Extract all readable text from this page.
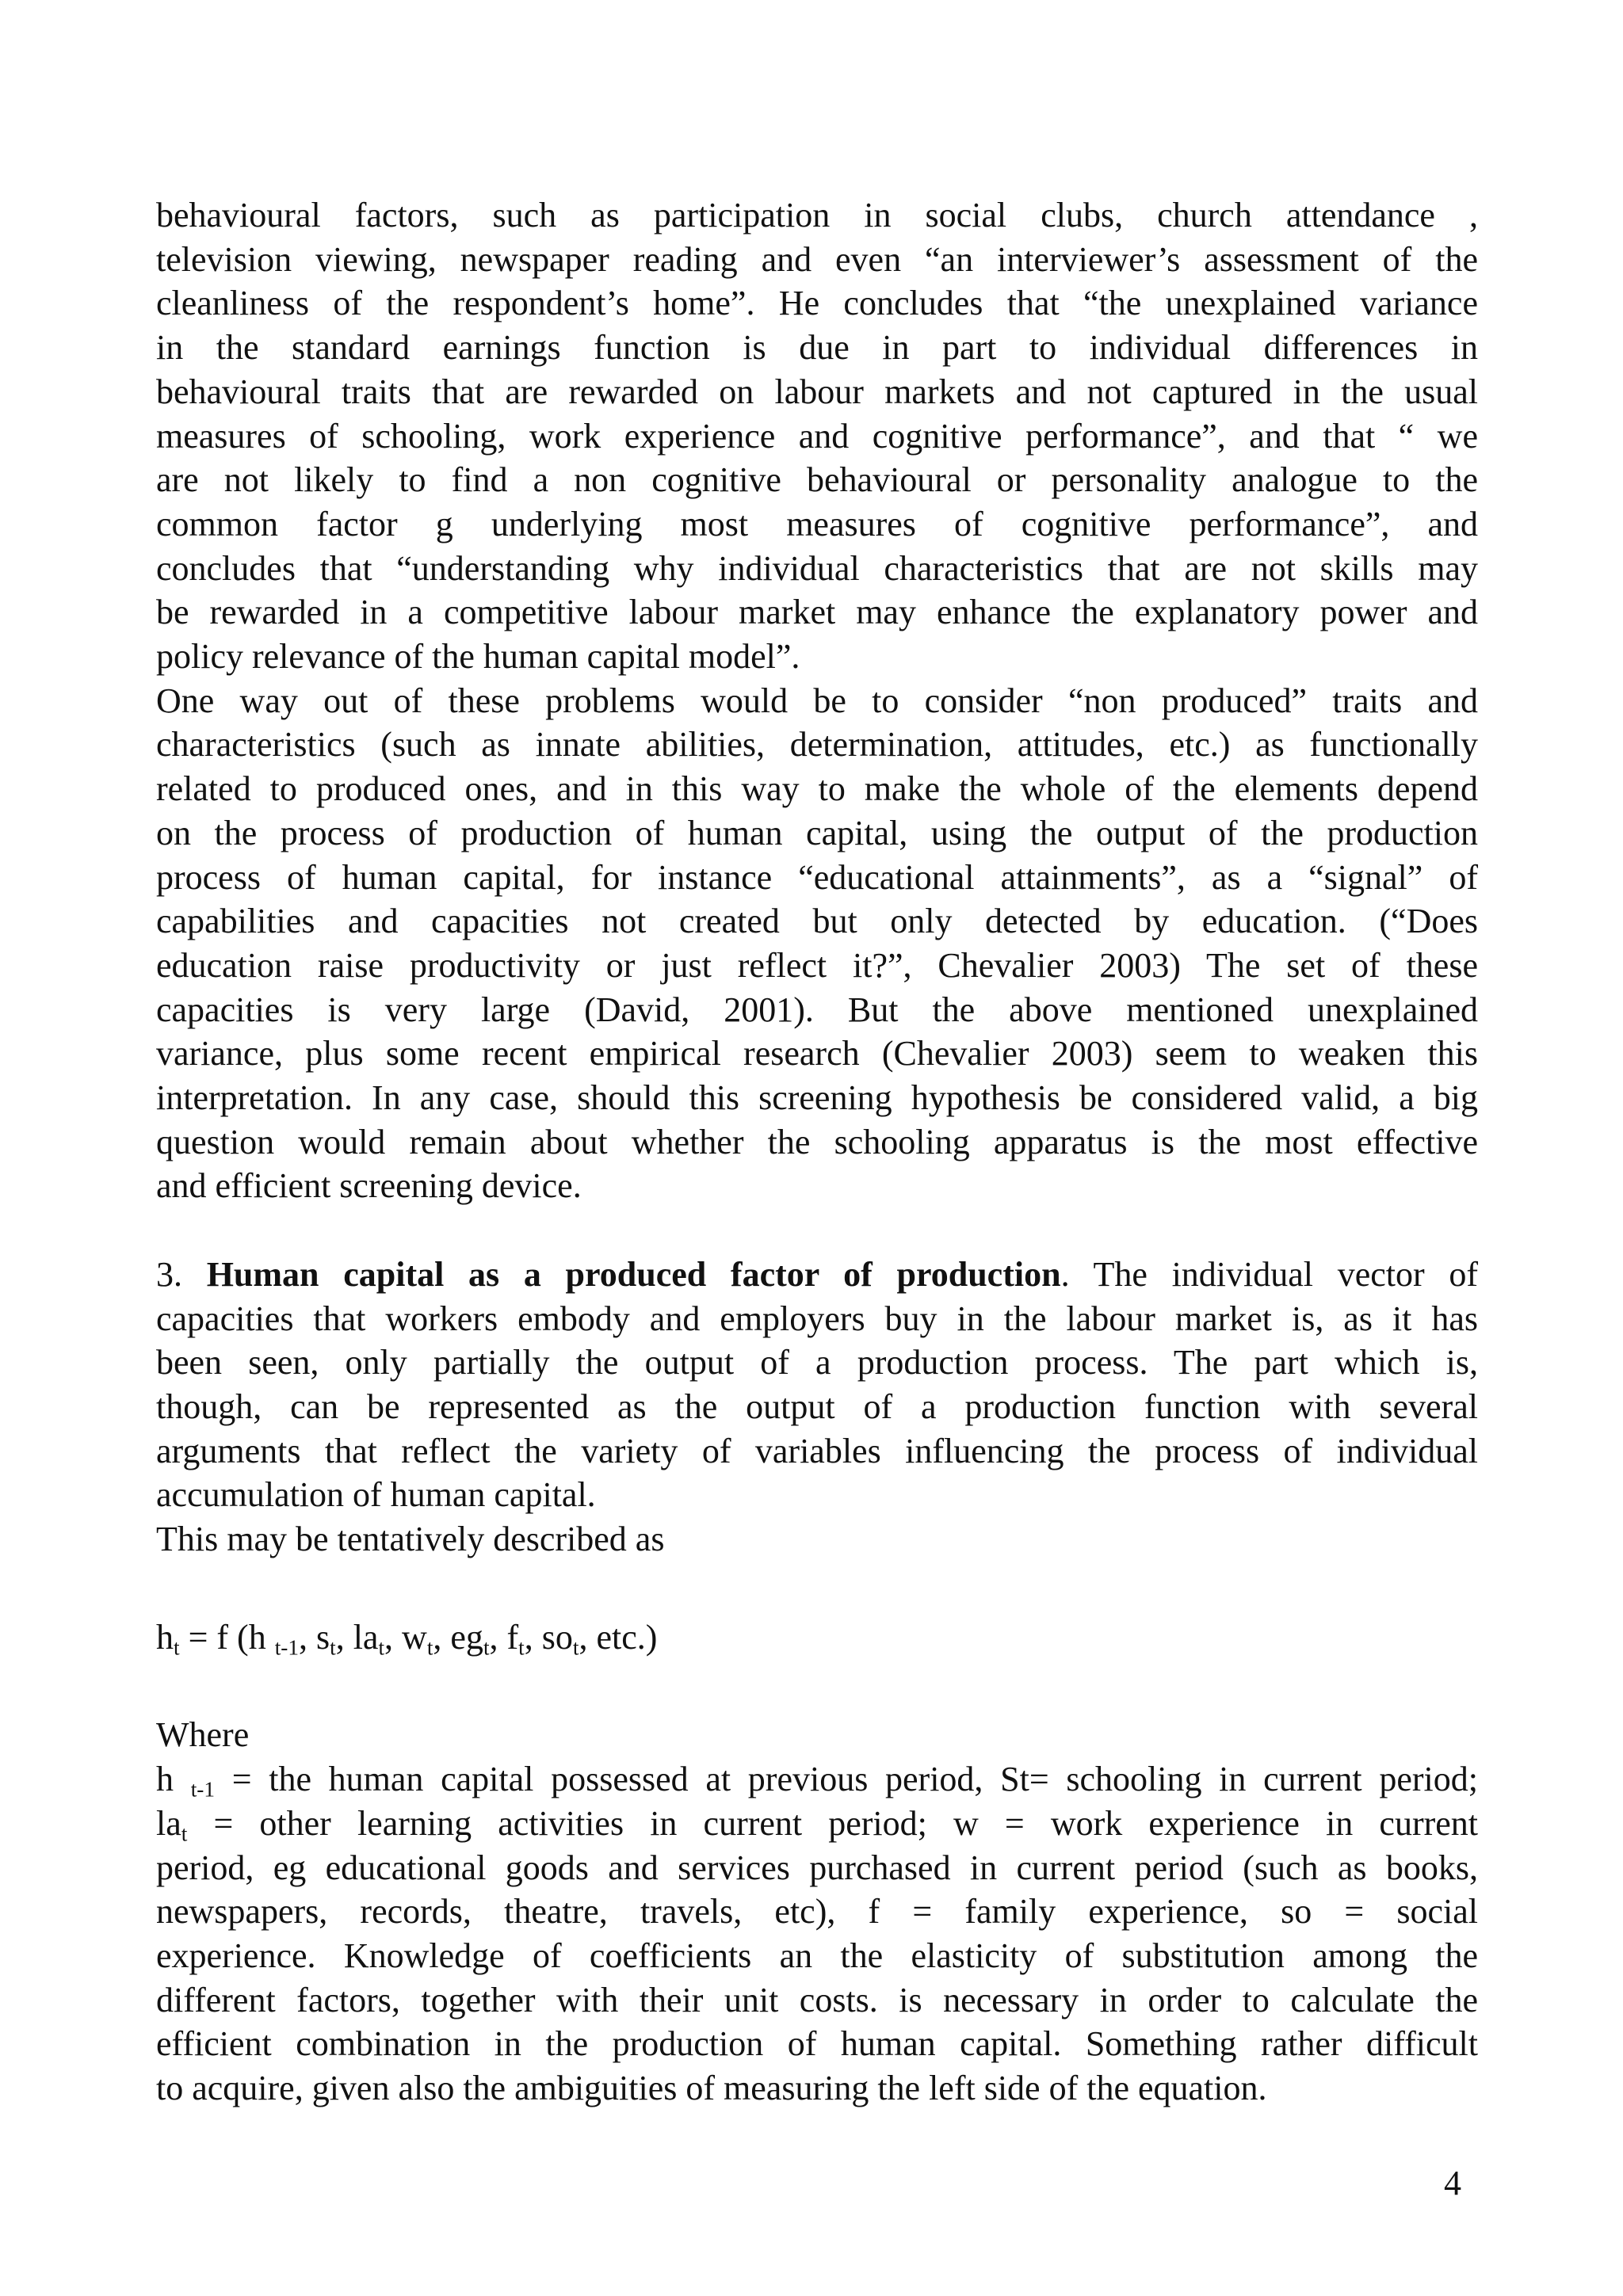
behavioural factors, such as participation in social clubs, church attendance ,

television viewing, newspaper reading and even “an interviewer’s assessment of the

cleanliness of the respondent’s home”. He concludes that “the unexplained variance

in the standard earnings function is due in part to individual differences in

behavioural traits that are rewarded on labour markets and not captured in the usual

measures of schooling, work experience and cognitive performance”, and that “ we

are not likely to find a non cognitive behavioural or personality analogue to the

common factor g underlying most measures of cognitive performance”, and

concludes that “understanding why individual characteristics that are not skills may

be rewarded in a competitive labour market may enhance the explanatory power and

policy relevance of the human capital model”.

One way out of these problems would be to consider “non produced” traits and

characteristics (such as innate abilities, determination, attitudes, etc.) as functionally

related to produced ones, and in this way to make the whole of the elements depend

on the process of production of human capital, using the output of the production

process of human capital, for instance “educational attainments”, as a “signal” of

capabilities and capacities not created but only detected by education. (“Does

education raise productivity or just reflect it?”, Chevalier 2003) The set of these

capacities is very large (David, 2001). But the above mentioned unexplained

variance, plus some recent empirical research (Chevalier 2003) seem to weaken this

interpretation. In any case, should this screening hypothesis be considered valid, a big

question would remain about whether the schooling apparatus is the most effective

and efficient screening device.

3. Human capital as a produced factor of production. The individual vector of

capacities that workers embody and employers buy in the labour market is, as it has

been seen, only partially the output of a production process. The part which is,

though, can be represented as the output of a production function with several

arguments that reflect the variety of variables influencing the process of individual

accumulation of human capital.

This may be tentatively described as

$h_t = f$ (h $_{t-1}$, $s_t$, $la_t$, $w_t$, $eg_t$, $f_t$, $so_t$, etc.)

Where

h $_{t-1}$ = the human capital possessed at previous period, St= schooling in current period;

$la_t$ = other learning activities in current period; w = work experience in current

period, eg educational goods and services purchased in current period (such as books,

newspapers, records, theatre, travels, etc), f = family experience, so = social

experience. Knowledge of coefficients an the elasticity of substitution among the

different factors, together with their unit costs. is necessary in order to calculate the

efficient combination in the production of human capital. Something rather difficult

to acquire, given also the ambiguities of measuring the left side of the equation.

4
